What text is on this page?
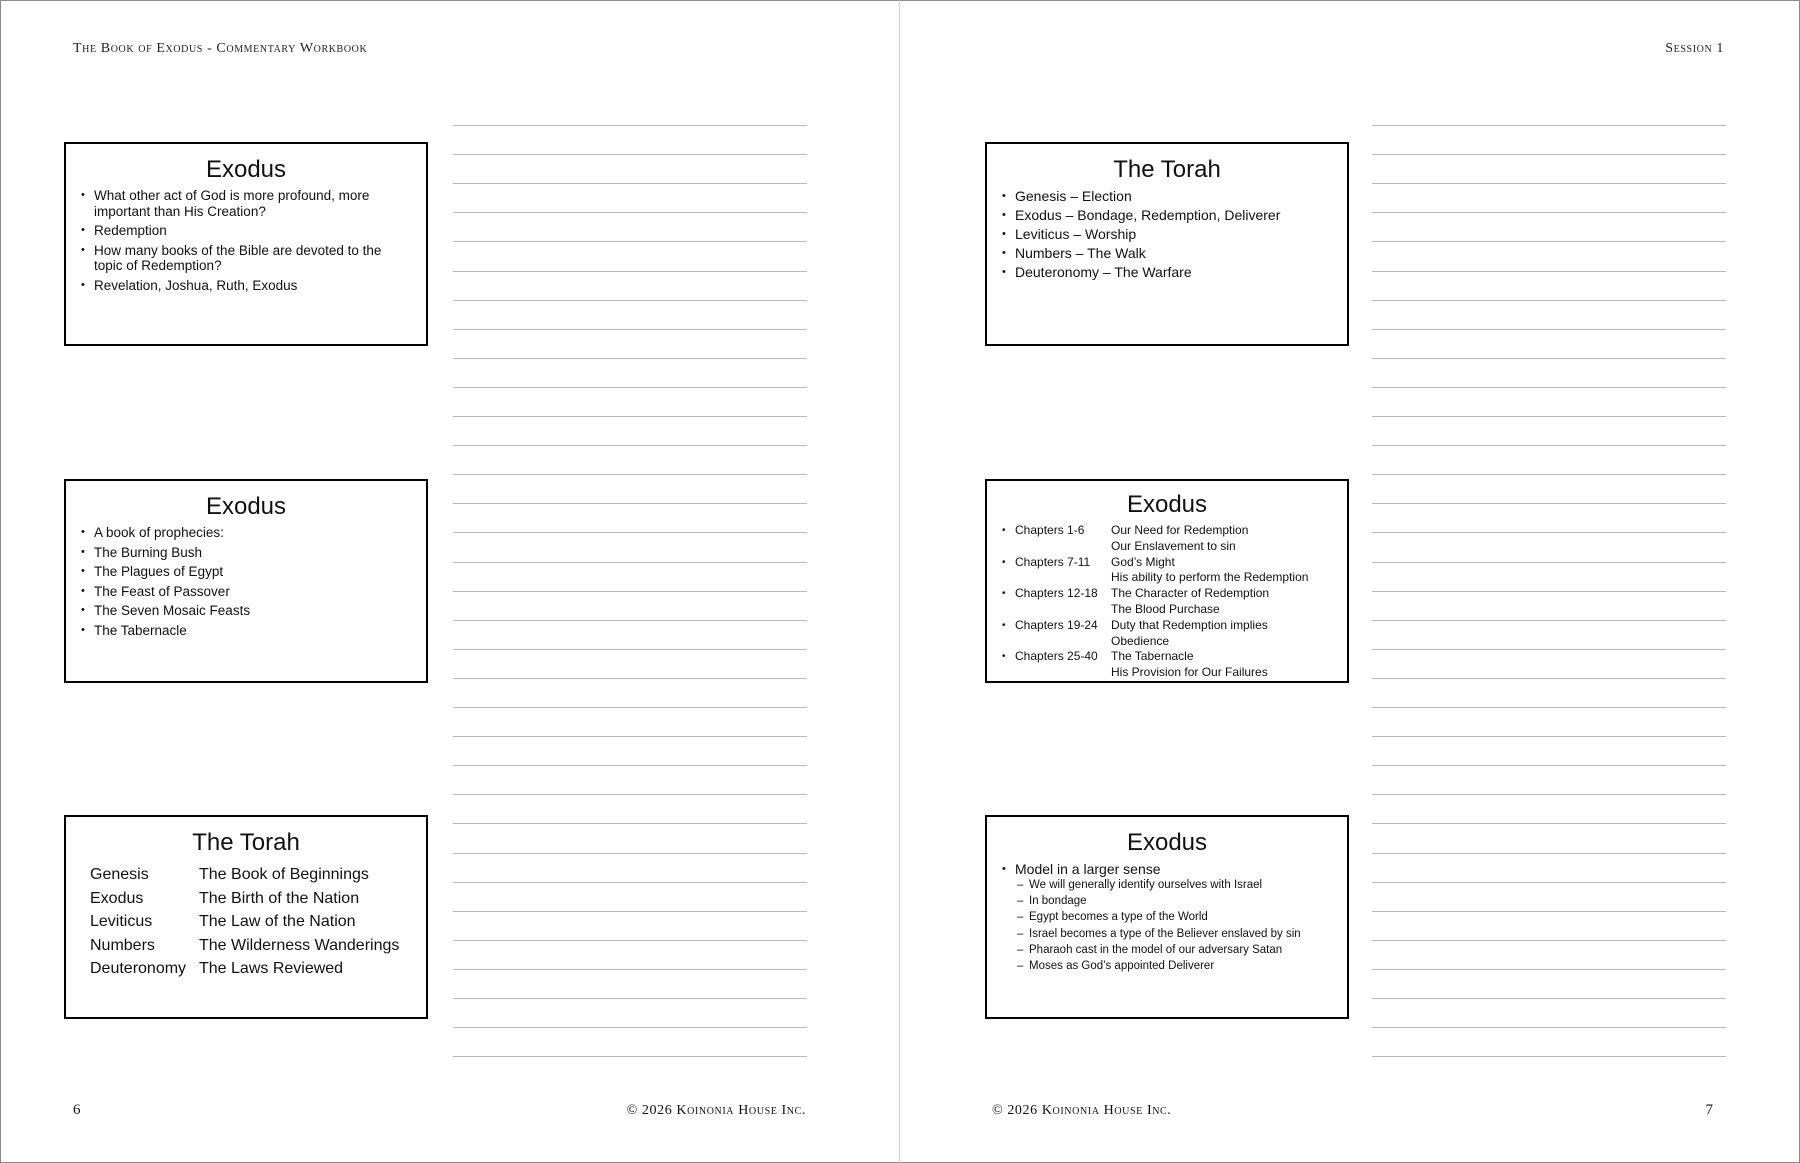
The Book of Exodus - Commentary Workbook
Exodus
• What other act of God is more profound, more important than His Creation?
• Redemption
• How many books of the Bible are devoted to the topic of Redemption?
• Revelation, Joshua, Ruth, Exodus
Exodus
• A book of prophecies:
• The Burning Bush
• The Plagues of Egypt
• The Feast of Passover
• The Seven Mosaic Feasts
• The Tabernacle
The Torah
Genesis	The Book of Beginnings
Exodus	The Birth of the Nation
Leviticus	The Law of the Nation
Numbers	The Wilderness Wanderings
Deuteronomy The Laws Reviewed
6	© 2026 Koinonia House Inc.
Session 1
The Torah
• Genesis – Election
• Exodus – Bondage, Redemption, Deliverer
• Leviticus – Worship
• Numbers – The Walk
• Deuteronomy – The Warfare
Exodus
• Chapters 1-6	Our Need for Redemption
Our Enslavement to sin
• Chapters 7-11	God’s Might
His ability to perform the Redemption
• Chapters 12-18	The Character of Redemption
The Blood Purchase
• Chapters 19-24	Duty that Redemption implies
Obedience
• Chapters 25-40	The Tabernacle
His Provision for Our Failures
Exodus
• Model in a larger sense
– We will generally identify ourselves with Israel
– In bondage
– Egypt becomes a type of the World
– Israel becomes a type of the Believer enslaved by sin
– Pharaoh cast in the model of our adversary Satan
– Moses as God’s appointed Deliverer
7
© 2026 Koinonia House Inc.
